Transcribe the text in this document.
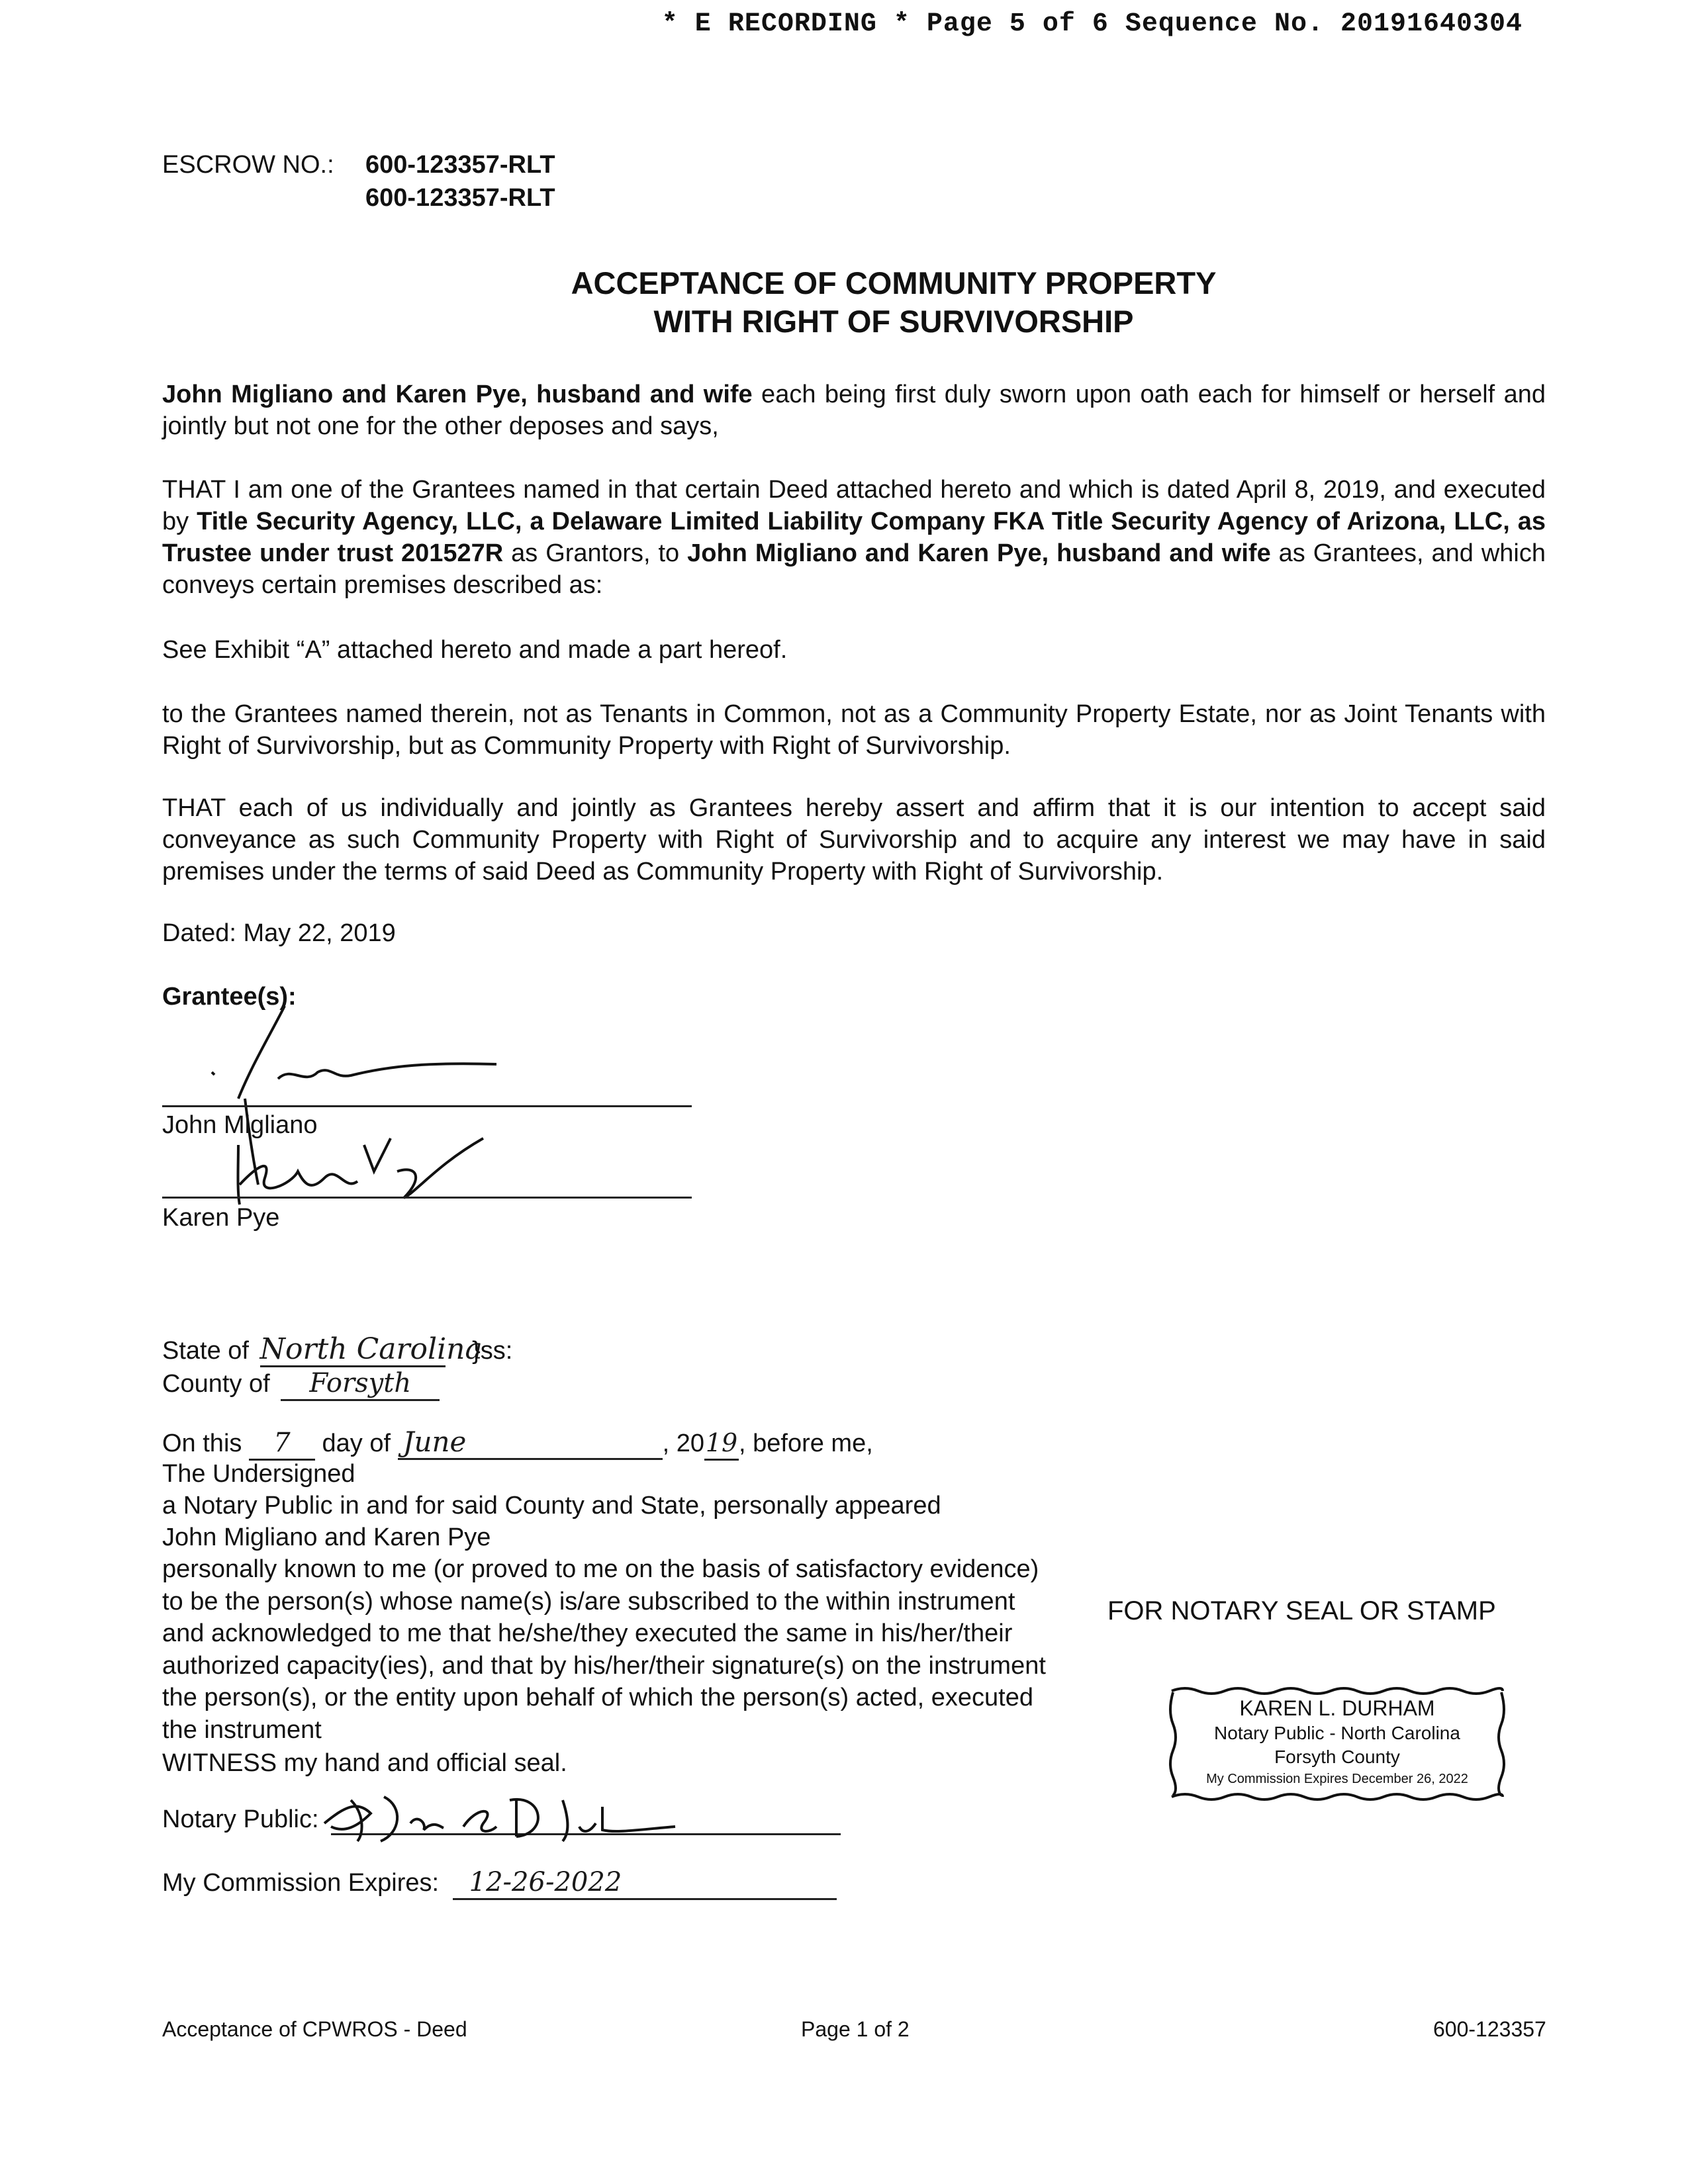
* E RECORDING * Page 5 of 6 Sequence No. 20191640304
ESCROW NO.: 600-123357-RLT
600-123357-RLT
ACCEPTANCE OF COMMUNITY PROPERTY
WITH RIGHT OF SURVIVORSHIP
John Migliano and Karen Pye, husband and wife each being first duly sworn upon oath each for himself or herself and jointly but not one for the other deposes and says,
THAT I am one of the Grantees named in that certain Deed attached hereto and which is dated April 8, 2019, and executed by Title Security Agency, LLC, a Delaware Limited Liability Company FKA Title Security Agency of Arizona, LLC, as Trustee under trust 201527R as Grantors, to John Migliano and Karen Pye, husband and wife as Grantees, and which conveys certain premises described as:
See Exhibit “A” attached hereto and made a part hereof.
to the Grantees named therein, not as Tenants in Common, not as a Community Property Estate, nor as Joint Tenants with Right of Survivorship, but as Community Property with Right of Survivorship.
THAT each of us individually and jointly as Grantees hereby assert and affirm that it is our intention to accept said conveyance as such Community Property with Right of Survivorship and to acquire any interest we may have in said premises under the terms of said Deed as Community Property with Right of Survivorship.
Dated: May 22, 2019
Grantee(s):
John Migliano
Karen Pye
State of North Carolina }ss:
County of Forsyth
On this 7 day of June	, 2019, before me,
The Undersigned
a Notary Public in and for said County and State, personally appeared
John Migliano and Karen Pye
personally known to me (or proved to me on the basis of satisfactory evidence) to be the person(s) whose name(s) is/are subscribed to the within instrument and acknowledged to me that he/she/they executed the same in his/her/their authorized capacity(ies), and that by his/her/their signature(s) on the instrument the person(s), or the entity upon behalf of which the person(s) acted, executed the instrument
WITNESS my hand and official seal.
Notary Public:
My Commission Expires: 12-26-2022
FOR NOTARY SEAL OR STAMP
KAREN L. DURHAM
Notary Public - North Carolina
Forsyth County
My Commission Expires December 26, 2022
Acceptance of CPWROS - Deed	Page 1 of 2	600-123357
